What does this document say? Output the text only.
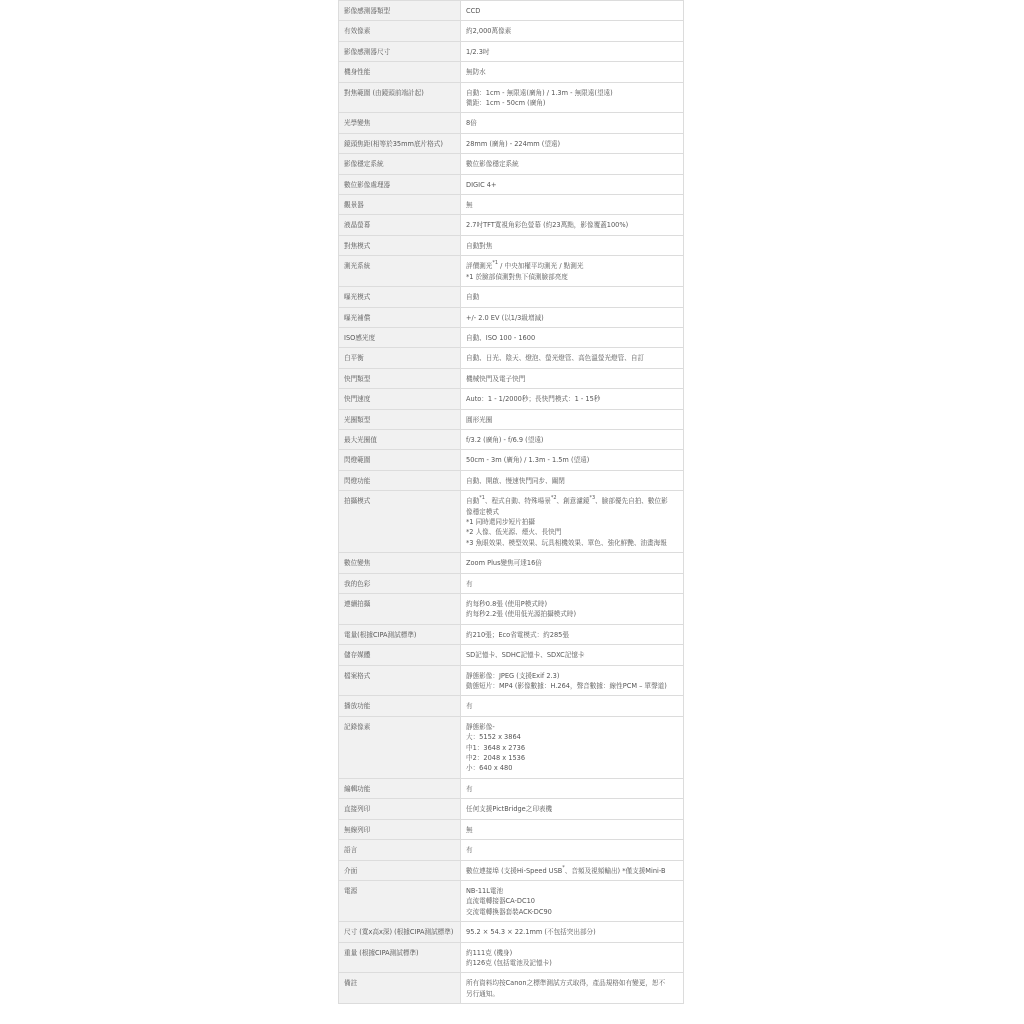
影像感測器類型	CCD

有效像素	約2,000萬像素

影像感測器尺寸	1/2.3吋

機身性能	無防水

對焦範圍 (由鏡頭前端計起)	自動：1cm - 無限遠(廣角) / 1.3m - 無限遠(望遠)
微距：1cm - 50cm (廣角)

光學變焦	8倍

鏡頭焦距(相等於35mm底片格式)	28mm (廣角) - 224mm (望遠)

影像穩定系統	數位影像穩定系統

數位影像處理器	DIGIC 4+

觀景器	無

液晶螢幕	2.7吋TFT寬視角彩色螢幕 (約23萬點，影像覆蓋100%)

對焦模式	自動對焦

測光系統	評價測光$^{*1}$ / 中央加權平均測光 / 點測光
*1 於臉部偵測對焦下偵測臉部亮度

曝光模式	自動

曝光補償	+/- 2.0 EV (以1/3級增減)

ISO感光度	自動、ISO 100 - 1600

白平衡	自動、日光、陰天、燈泡、螢光燈管、高色溫螢光燈管、自訂

快門類型	機械快門及電子快門

快門速度	Auto：1 - 1/2000秒；長快門模式：1 - 15秒

光圈類型	圓形光圈

最大光圈值	f/3.2 (廣角) - f/6.9 (望遠)

閃燈範圍	50cm - 3m (廣角) / 1.3m - 1.5m (望遠)

閃燈功能	自動、開啟、慢速快門同步、關閉

拍攝模式	自動$^{*1}$、程式自動、特殊場景$^{*2}$、創意濾鏡$^{*3}$、臉部優先自拍、數位影
像穩定模式
*1 同時還同步短片拍攝
*2 人像、低光源、煙火、長快門
*3 魚眼效果、模型效果、玩具相機效果、單色、強化鮮艷、油畫海報

數位變焦	Zoom Plus變焦可達16倍

我的色彩	有

連續拍攝	約每秒0.8張 (使用P模式時)
約每秒2.2張 (使用低光源拍攝模式時)

電量(根據CIPA測試標準)	約210張；Eco省電模式：約285張

儲存媒體	SD記憶卡、SDHC記憶卡、SDXC記憶卡

檔案格式	靜態影像：JPEG (支援Exif 2.3)
動態短片：MP4 (影像數據：H.264，聲音數據：線性PCM – 單聲道)

播放功能	有

記錄像素	靜態影像-
大：5152 x 3864
中1：3648 x 2736
中2：2048 x 1536
小：640 x 480

編輯功能	有

直接列印	任何支援PictBridge之印表機

無線列印	無

語言	有

介面	數位連接埠 (支援Hi-Speed USB*、音頻及視頻輸出) *僅支援Mini-B

電源	NB-11L電池
直流電轉接器CA-DC10
交流電轉換器套裝ACK-DC90

尺寸 (寬x高x深) (根據CIPA測試標準)	95.2 × 54.3 × 22.1mm (不包括突出部分)

重量 (根據CIPA測試標準)	約111克 (機身)
約126克 (包括電池及記憶卡)

備註	所有資料均按Canon之標準測試方式取得，產品規格如有變更，恕不
另行通知。
